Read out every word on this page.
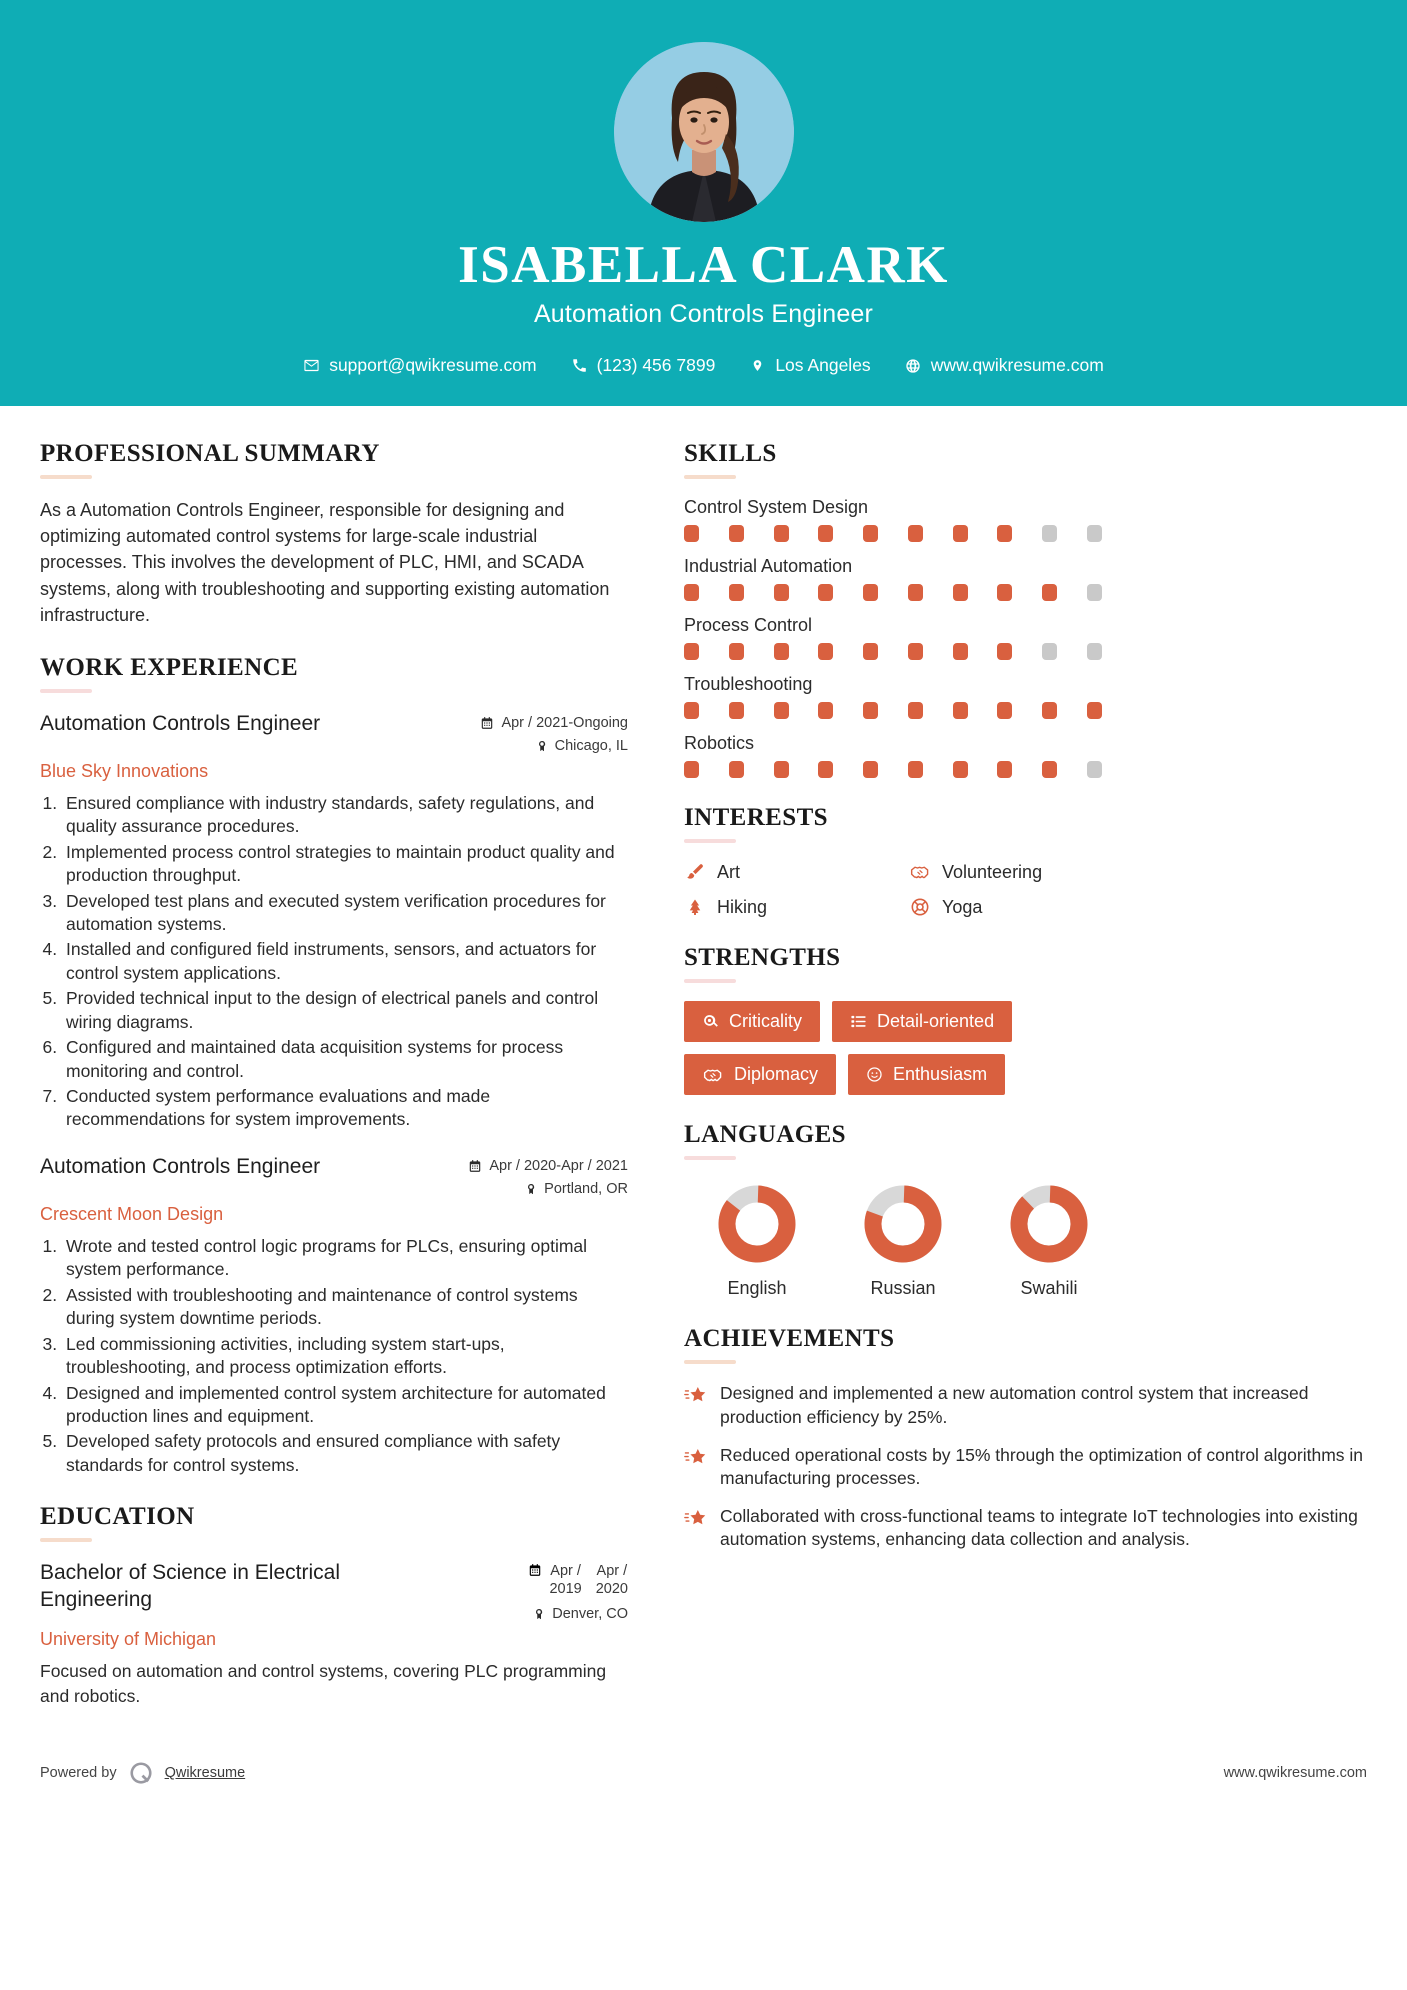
ISABELLA CLARK
Automation Controls Engineer
support@qwikresume.com	(123) 456 7899	Los Angeles	www.qwikresume.com
PROFESSIONAL SUMMARY
As a Automation Controls Engineer, responsible for designing and optimizing automated control systems for large-scale industrial processes. This involves the development of PLC, HMI, and SCADA systems, along with troubleshooting and supporting existing automation infrastructure.
WORK EXPERIENCE
Automation Controls Engineer	Apr / 2021-Ongoing
Chicago, IL
Blue Sky Innovations
1. Ensured compliance with industry standards, safety regulations, and quality assurance procedures.
2. Implemented process control strategies to maintain product quality and production throughput.
3. Developed test plans and executed system verification procedures for automation systems.
4. Installed and configured field instruments, sensors, and actuators for control system applications.
5. Provided technical input to the design of electrical panels and control wiring diagrams.
6. Configured and maintained data acquisition systems for process monitoring and control.
7. Conducted system performance evaluations and made recommendations for system improvements.
Automation Controls Engineer	Apr / 2020-Apr / 2021
Portland, OR
Crescent Moon Design
1. Wrote and tested control logic programs for PLCs, ensuring optimal system performance.
2. Assisted with troubleshooting and maintenance of control systems during system downtime periods.
3. Led commissioning activities, including system start-ups, troubleshooting, and process optimization efforts.
4. Designed and implemented control system architecture for automated production lines and equipment.
5. Developed safety protocols and ensured compliance with safety standards for control systems.
EDUCATION
Bachelor of Science in Electrical Engineering
Apr /
2019
Apr /
2020
Denver, CO
University of Michigan
Focused on automation and control systems, covering PLC programming and robotics.
SKILLS
Control System Design
Industrial Automation
Process Control
Troubleshooting
Robotics
INTERESTS
Art	Volunteering
Hiking	Yoga
STRENGTHS
Criticality	Detail-oriented
Diplomacy	Enthusiasm
LANGUAGES
English	Russian	Swahili
ACHIEVEMENTS
Designed and implemented a new automation control system that increased production efficiency by 25%.
Reduced operational costs by 15% through the optimization of control algorithms in manufacturing processes.
Collaborated with cross-functional teams to integrate IoT technologies into existing automation systems, enhancing data collection and analysis.
Powered by	Qwikresume	www.qwikresume.com
